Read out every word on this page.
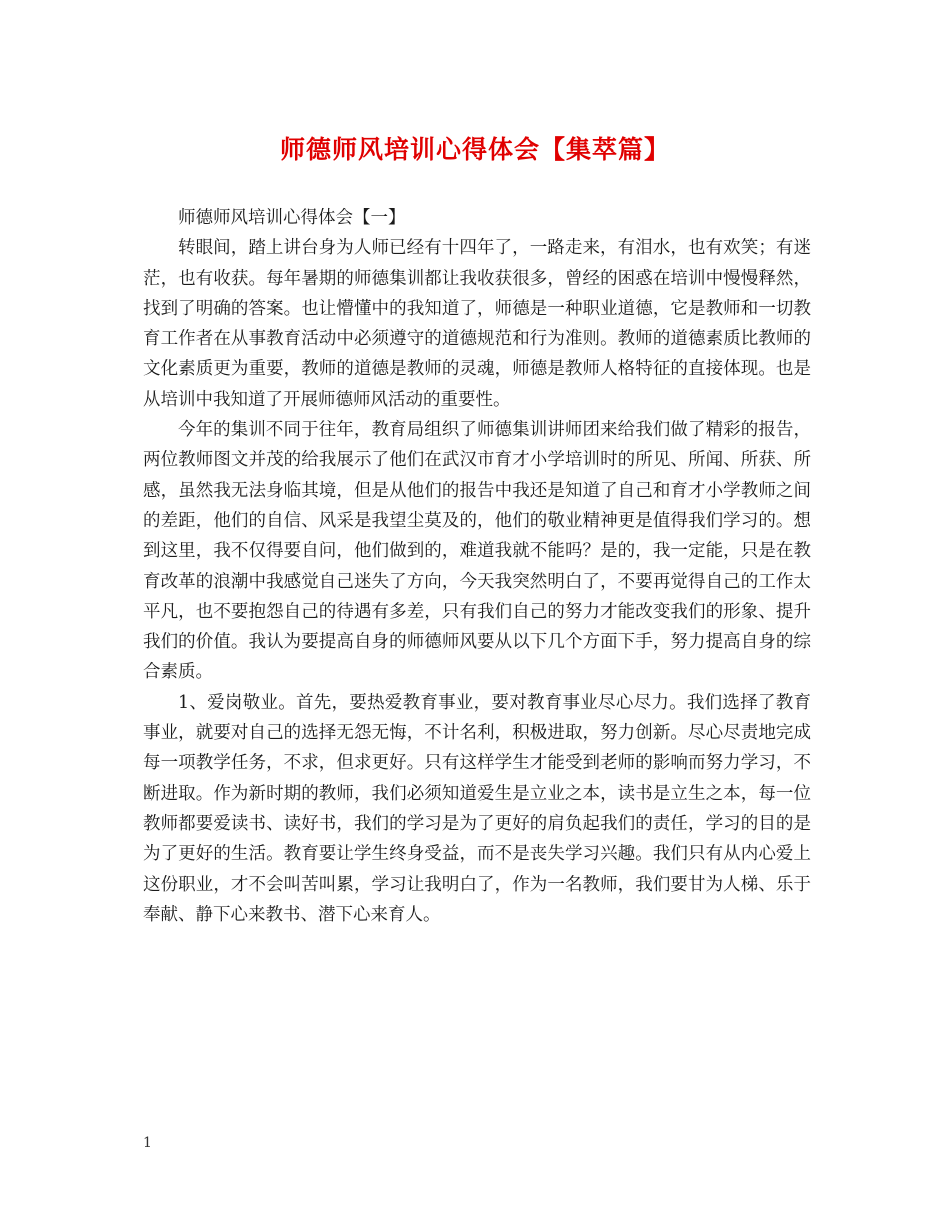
师德师风培训心得体会【集萃篇】

师德师风培训心得体会【一】

转眼间，踏上讲台身为人师已经有十四年了，一路走来，有泪水，也有欢笑；有迷茫，也有收获。每年暑期的师德集训都让我收获很多，曾经的困惑在培训中慢慢释然，找到了明确的答案。也让懵懂中的我知道了，师德是一种职业道德，它是教师和一切教育工作者在从事教育活动中必须遵守的道德规范和行为准则。教师的道德素质比教师的文化素质更为重要，教师的道德是教师的灵魂，师德是教师人格特征的直接体现。也是从培训中我知道了开展师德师风活动的重要性。

今年的集训不同于往年，教育局组织了师德集训讲师团来给我们做了精彩的报告，两位教师图文并茂的给我展示了他们在武汉市育才小学培训时的所见、所闻、所获、所感，虽然我无法身临其境，但是从他们的报告中我还是知道了自己和育才小学教师之间的差距，他们的自信、风采是我望尘莫及的，他们的敬业精神更是值得我们学习的。想到这里，我不仅得要自问，他们做到的，难道我就不能吗？是的，我一定能，只是在教育改革的浪潮中我感觉自己迷失了方向，今天我突然明白了，不要再觉得自己的工作太平凡，也不要抱怨自己的待遇有多差，只有我们自己的努力才能改变我们的形象、提升我们的价值。我认为要提高自身的师德师风要从以下几个方面下手，努力提高自身的综合素质。

1、爱岗敬业。首先，要热爱教育事业，要对教育事业尽心尽力。我们选择了教育事业，就要对自己的选择无怨无悔，不计名利，积极进取，努力创新。尽心尽责地完成每一项教学任务，不求，但求更好。只有这样学生才能受到老师的影响而努力学习，不断进取。作为新时期的教师，我们必须知道爱生是立业之本，读书是立生之本，每一位教师都要爱读书、读好书，我们的学习是为了更好的肩负起我们的责任，学习的目的是为了更好的生活。教育要让学生终身受益，而不是丧失学习兴趣。我们只有从内心爱上这份职业，才不会叫苦叫累，学习让我明白了，作为一名教师，我们要甘为人梯、乐于奉献、静下心来教书、潜下心来育人。

1
